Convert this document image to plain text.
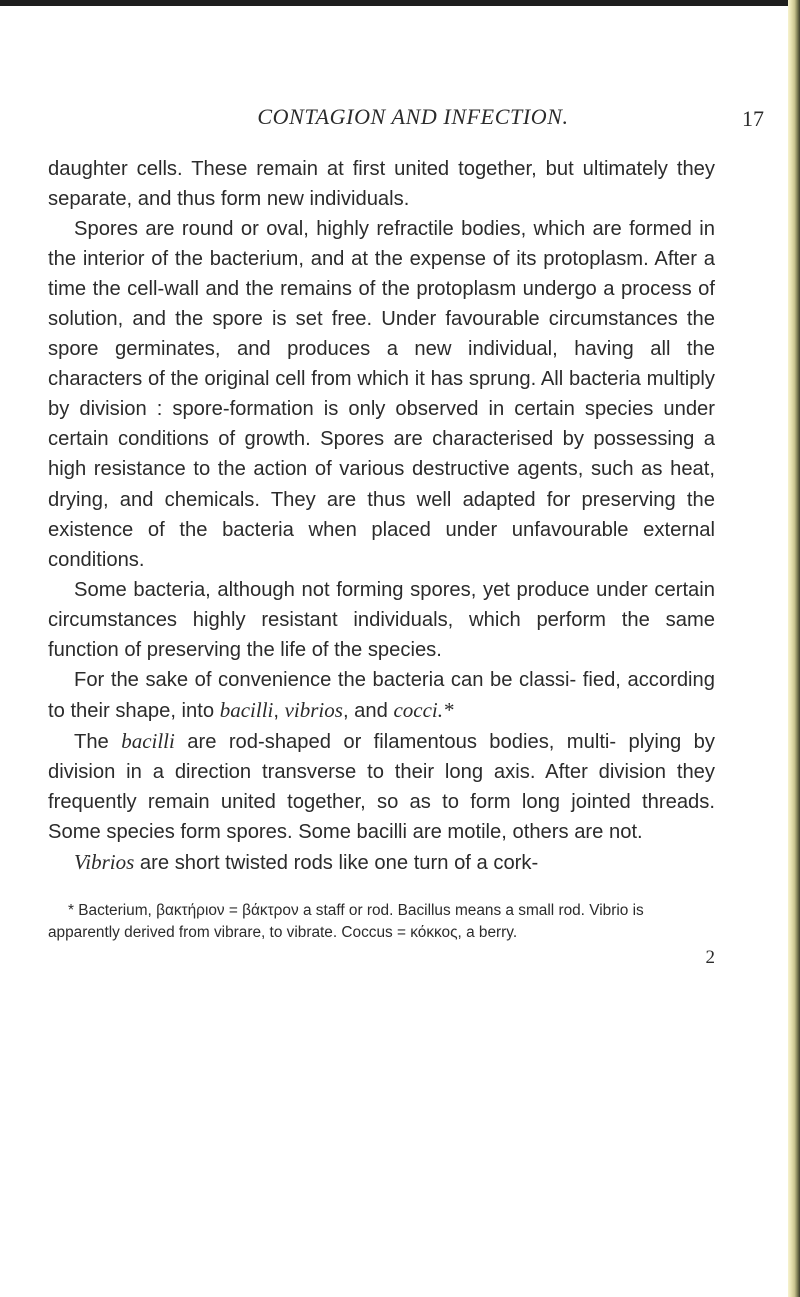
CONTAGION AND INFECTION.	17

daughter cells. These remain at first united together, but ultimately they separate, and thus form new individuals.

Spores are round or oval, highly refractile bodies, which are formed in the interior of the bacterium, and at the expense of its protoplasm. After a time the cell-wall and the remains of the protoplasm undergo a process of solution, and the spore is set free. Under favourable circumstances the spore germinates, and produces a new individual, having all the characters of the original cell from which it has sprung. All bacteria multiply by division : spore-formation is only observed in certain species under certain conditions of growth. Spores are characterised by possessing a high resistance to the action of various destructive agents, such as heat, drying, and chemicals. They are thus well adapted for preserving the existence of the bacteria when placed under unfavourable external conditions.

Some bacteria, although not forming spores, yet produce under certain circumstances highly resistant individuals, which perform the same function of preserving the life of the species.

For the sake of convenience the bacteria can be classi- fied, according to their shape, into bacilli, vibrios, and cocci.*

The bacilli are rod-shaped or filamentous bodies, multi- plying by division in a direction transverse to their long axis. After division they frequently remain united together, so as to form long jointed threads. Some species form spores. Some bacilli are motile, others are not.

Vibrios are short twisted rods like one turn of a cork-

* Bacterium, βακτήριον = βάκτρον a staff or rod. Bacillus means a small rod. Vibrio is apparently derived from vibrare, to vibrate. Coccus = κόκκος, a berry.
2
